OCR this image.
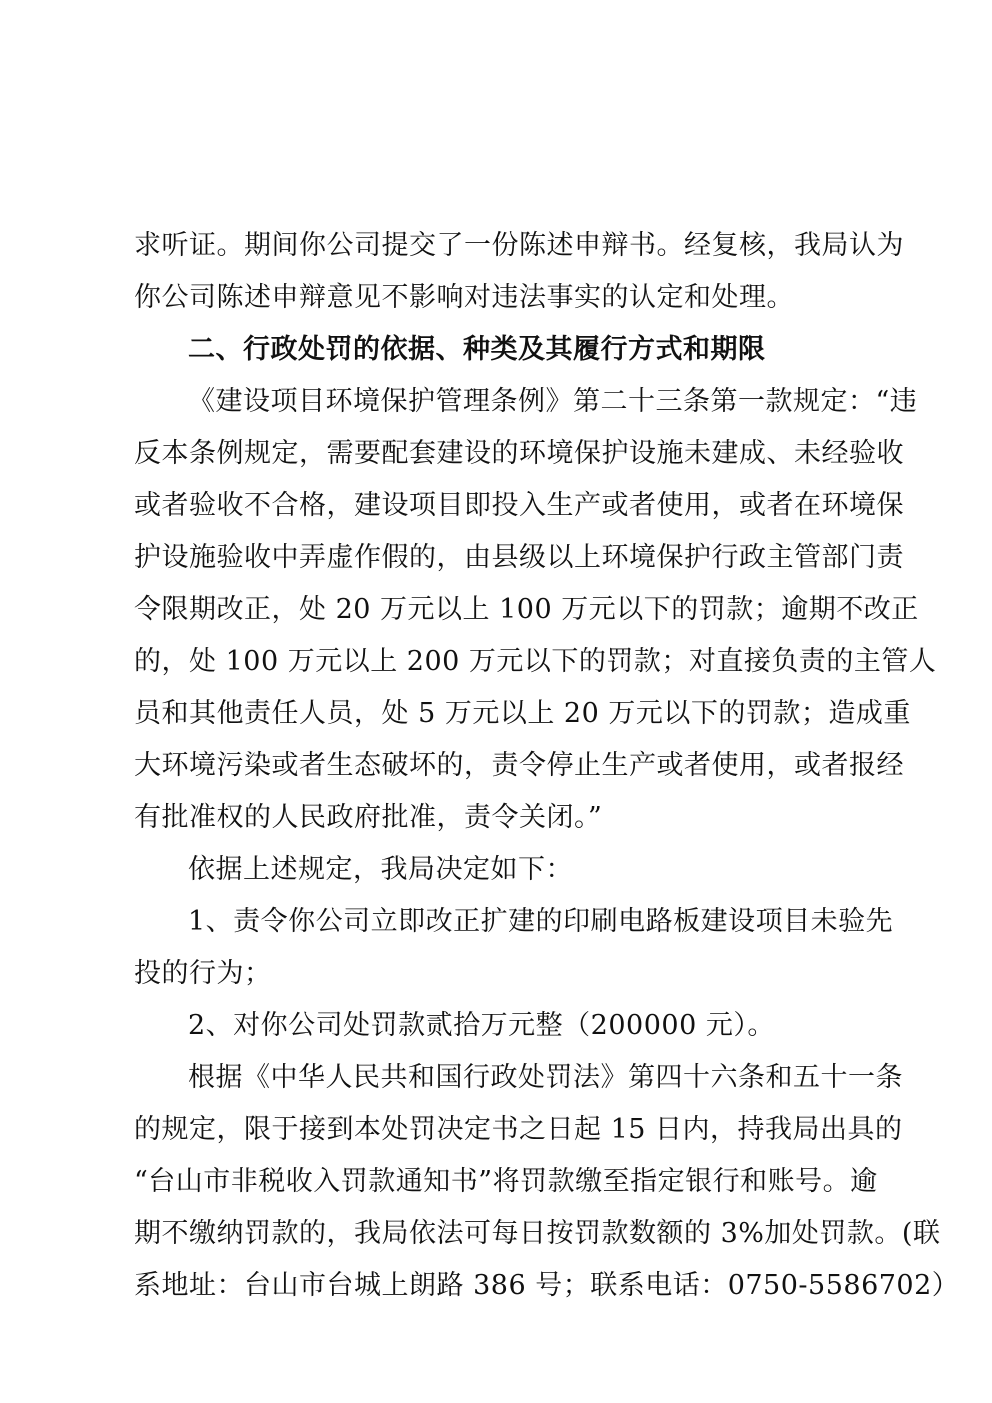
求听证。期间你公司提交了一份陈述申辩书。经复核，我局认为
你公司陈述申辩意见不影响对违法事实的认定和处理。
二、行政处罚的依据、种类及其履行方式和期限
《建设项目环境保护管理条例》第二十三条第一款规定：“违
反本条例规定，需要配套建设的环境保护设施未建成、未经验收
或者验收不合格，建设项目即投入生产或者使用，或者在环境保
护设施验收中弄虚作假的，由县级以上环境保护行政主管部门责
令限期改正，处 20 万元以上 100 万元以下的罚款；逾期不改正
的，处 100 万元以上 200 万元以下的罚款；对直接负责的主管人
员和其他责任人员，处 5 万元以上 20 万元以下的罚款；造成重
大环境污染或者生态破坏的，责令停止生产或者使用，或者报经
有批准权的人民政府批准，责令关闭。”
依据上述规定，我局决定如下：
1、责令你公司立即改正扩建的印刷电路板建设项目未验先
投的行为；
2、对你公司处罚款贰拾万元整（200000 元）。
根据《中华人民共和国行政处罚法》第四十六条和五十一条
的规定，限于接到本处罚决定书之日起 15 日内，持我局出具的
“台山市非税收入罚款通知书”将罚款缴至指定银行和账号。逾
期不缴纳罚款的，我局依法可每日按罚款数额的 3%加处罚款。(联
系地址：台山市台城上朗路 386 号；联系电话：0750-5586702）
